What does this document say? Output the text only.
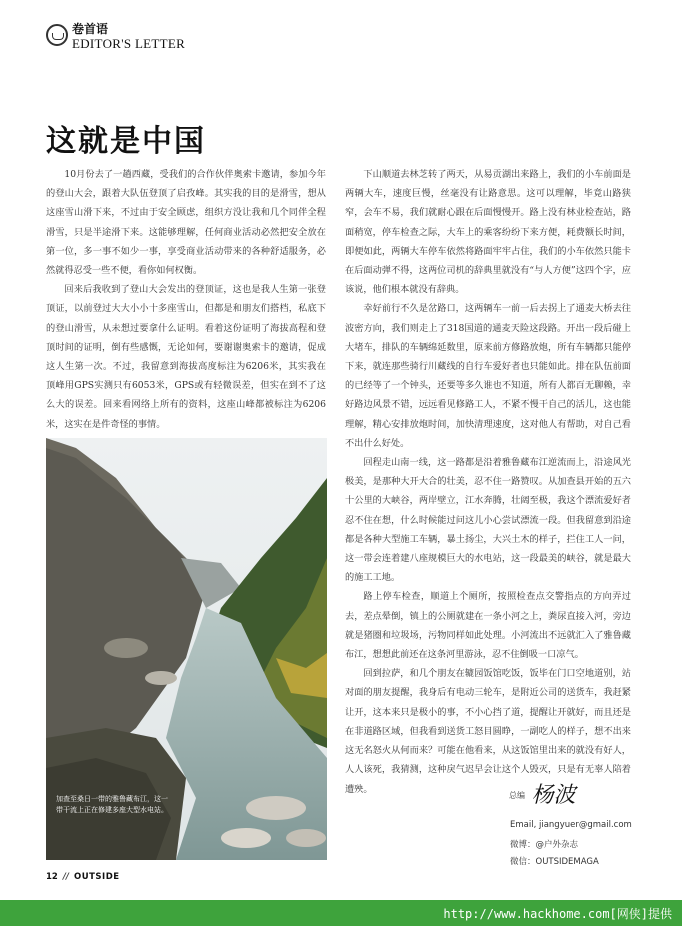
卷首语
EDITOR'S LETTER
这就是中国

10月份去了一趟西藏，受我们的合作伙伴奥索卡邀请，参加今年的登山大会，跟着大队伍登顶了启孜峰。其实我的目的是滑雪，想从这座雪山滑下来，不过由于安全顾虑，组织方没让我和几个同伴全程滑雪，只是半途滑下来。这能够理解，任何商业活动必然把安全放在第一位，多一事不如少一事，享受商业活动带来的各种舒适服务，必然就得忍受一些不便，看你如何权衡。

回来后我收到了登山大会发出的登顶证，这也是我人生第一张登顶证，以前登过大大小小十多座雪山，但都是和朋友们搭档，私底下的登山滑雪，从未想过要拿什么证明。看着这份证明了海拔高程和登顶时间的证明，倒有些感慨，无论如何，要谢谢奥索卡的邀请，促成这人生第一次。不过，我留意到海拔高度标注为6206米，其实我在顶峰用GPS实测只有6053米，GPS或有轻微误差，但实在到不了这么大的误差。回来看网络上所有的资料，这座山峰都被标注为6206米，这实在是件奇怪的事情。

加查至桑日一带的雅鲁藏布江，这一带干流上正在修建多座大型水电站。

下山顺道去林芝转了两天，从易贡湖出来路上，我们的小车前面是两辆大车，速度巨慢，丝毫没有让路意思。这可以理解，毕竟山路狭窄，会车不易，我们就耐心跟在后面慢慢开。路上没有林业检查站，路面稍宽，停车检查之际，大车上的乘客纷纷下来方便，耗费额长时间，即便如此，两辆大车停车依然将路面牢牢占住，我们的小车依然只能卡在后面动弹不得，这两位司机的辞典里就没有“与人方便”这四个字，应该说，他们根本就没有辞典。

幸好前行不久是岔路口，这两辆车一前一后去拐上了通麦大桥去往波密方向，我们则走上了318国道的通麦天险这段路。开出一段后碰上大堵车，排队的车辆绵延数里，原来前方修路放炮，所有车辆都只能停下来，就连那些骑行川藏线的自行车爱好者也只能如此。排在队伍前面的已经等了一个钟头，还要等多久谁也不知道，所有人都百无聊赖，幸好路边风景不错，远远看见修路工人，不紧不慢干自己的活儿，这也能理解，精心安排放炮时间，加快清理速度，这对他人有帮助，对自己看不出什么好处。

回程走山南一线，这一路都是沿着雅鲁藏布江逆流而上，沿途风光极美，是那种大开大合的壮美，忍不住一路赞叹。从加查县开始的五六十公里的大峡谷，两岸壁立，江水奔腾，壮阔至极，我这个漂流爱好者忍不住在想，什么时候能过问这儿小心尝试漂流一段。但我留意到沿途都是各种大型施工车辆，暴土扬尘，大兴土木的样子，拦住工人一问，这一带会连着建八座规模巨大的水电站，这一段最美的峡谷，就是最大的施工工地。

路上停车检查，顺道上个厕所，按照检查点交警指点的方向弄过去，差点晕倒，镇上的公厕就建在一条小河之上，粪尿直接入河，旁边就是猪圈和垃圾场，污物同样如此处理。小河流出不远就汇入了雅鲁藏布江，想想此前还在这条河里游泳，忍不住倒吸一口凉气。

回到拉萨，和几个朋友在辘园饭馆吃饭，饭毕在门口空地道别，站对面的朋友提醒，我身后有电动三轮车，是附近公司的送货车，我赶紧让开，这本来只是极小的事，不小心挡了道，提醒让开就好，而且还是在非道路区域，但我看到送货工怒目圆睁，一副吃人的样子，想不出来这无名怒火从何而来？可能在他看来，从这饭馆里出来的就没有好人，人人该死，我猜测，这种戾气迟早会让这个人毁灭，只是有无辜人陪着遭殃。

总编 杨波
Email, jiangyuer@gmail.com
微博：@户外杂志
微信：OUTSIDEMAGA
12 // OUTSIDE
http://www.hackhome.com[网侠]提供
